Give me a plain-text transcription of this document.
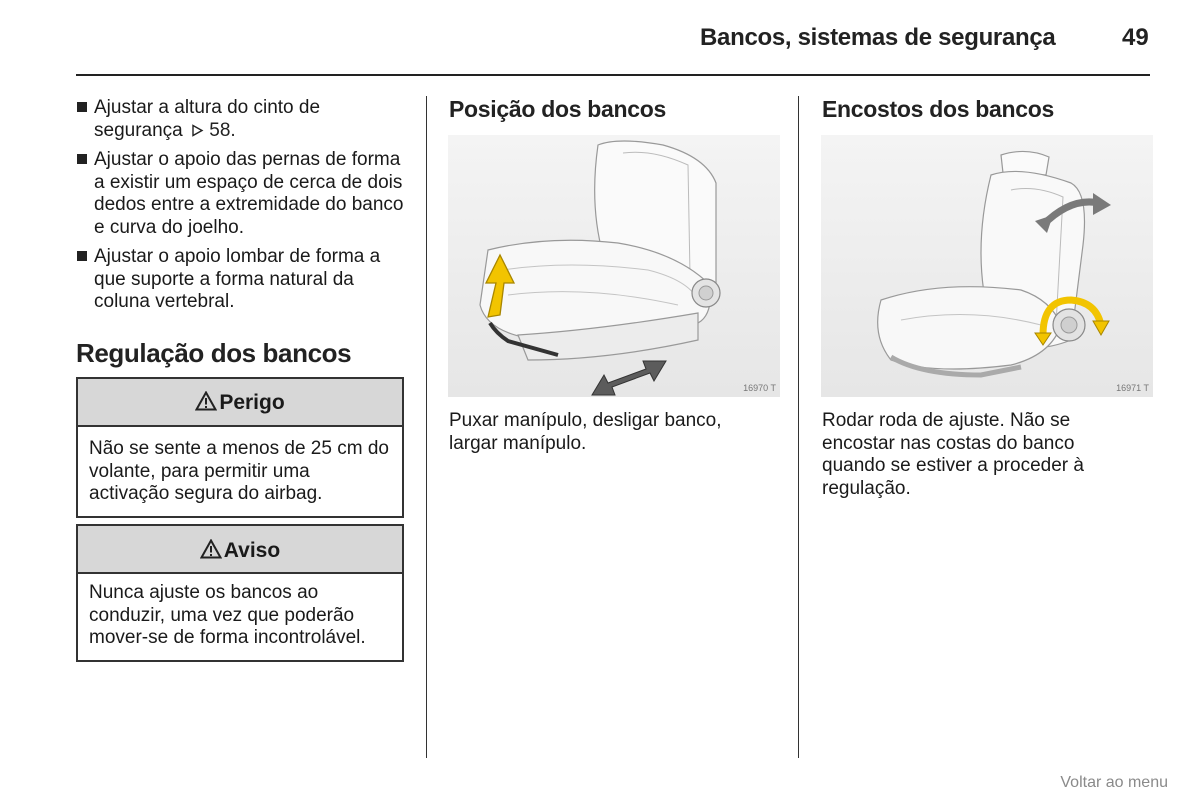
Bancos, sistemas de segurança	49
Ajustar a altura do cinto de segurança 58.
Ajustar o apoio das pernas de forma a existir um espaço de cerca de dois dedos entre a extremidade do banco e curva do joelho.
Ajustar o apoio lombar de forma a que suporte a forma natural da coluna vertebral.
Regulação dos bancos
Perigo
Não se sente a menos de 25 cm do volante, para permitir uma activação segura do airbag.
Aviso
Nunca ajuste os bancos ao conduzir, uma vez que poderão mover-se de forma incontrolável.
Posição dos bancos
16970 T
Puxar manípulo, desligar banco, largar manípulo.
Encostos dos bancos
16971 T
Rodar roda de ajuste. Não se encostar nas costas do banco quando se estiver a proceder à regulação.
Voltar ao menu
